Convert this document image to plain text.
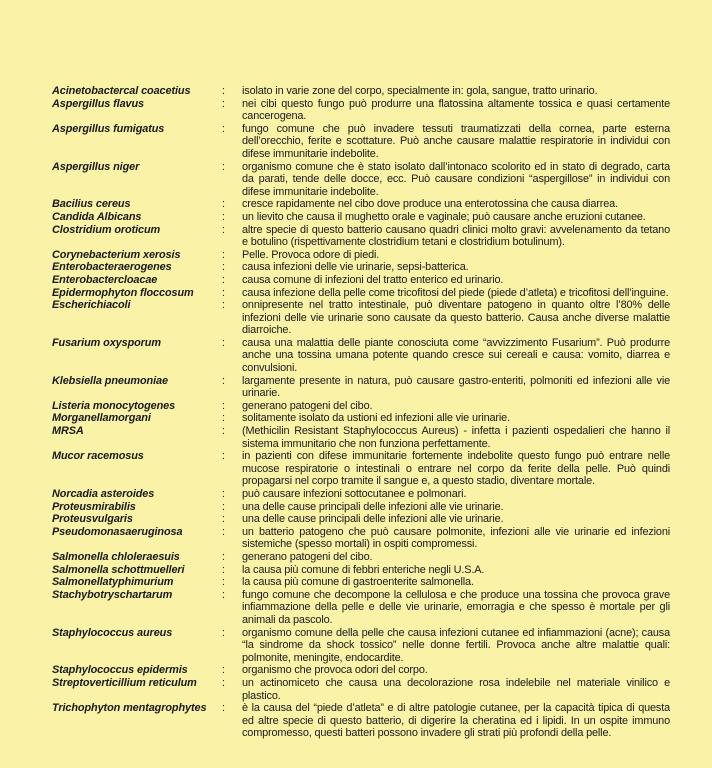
Acinetobactercal coacetius	:	isolato in varie zone del corpo, specialmente in: gola, sangue, tratto urinario.
Aspergillus flavus	:	nei cibi questo fungo può produrre una flatossina altamente tossica e quasi certamente cancerogena.
Aspergillus fumigatus	:	fungo comune che può invadere tessuti traumatizzati della cornea, parte esterna dell’orecchio, ferite e scottature. Può anche causare malattie respiratorie in individui con difese immunitarie indebolite.
Aspergillus niger	:	organismo comune che è stato isolato dall’intonaco scolorito ed in stato di degrado, carta da parati, tende delle docce, ecc. Può causare condizioni “aspergillose” in individui con difese immunitarie indebolite.
Bacilius cereus	:	cresce rapidamente nel cibo dove produce una enterotossina che causa diarrea.
Candida Albicans	:	un lievito che causa il mughetto orale e vaginale; può causare anche eruzioni cutanee.
Clostridium oroticum	:	altre specie di questo batterio causano quadri clinici molto gravi: avvelenamento da tetano e botulino (rispettivamente clostridium tetani e clostridium botulinum).
Corynebacterium xerosis	:	Pelle. Provoca odore di piedi.
Enterobacteraerogenes	:	causa infezioni delle vie urinarie, sepsi-batterica.
Enterobactercloacae	:	causa comune di infezioni del tratto enterico ed urinario.
Epidermophyton floccosum	:	causa infezione della pelle come tricofitosi del piede (piede d’atleta) e tricofitosi dell’inguine.
Escherichiacoli	:	onnipresente nel tratto intestinale, può diventare patogeno in quanto oltre l’80% delle infezioni delle vie urinarie sono causate da questo batterio. Causa anche diverse malattie diarroiche.
Fusarium oxysporum	:	causa una malattia delle piante conosciuta come “avvizzimento Fusarium”. Può produrre anche una tossina umana potente quando cresce sui cereali e causa: vomito, diarrea e convulsioni.
Klebsiella pneumoniae	:	largamente presente in natura, può causare gastro-enteriti, polmoniti ed infezioni alle vie urinarie.
Listeria monocytogenes	:	generano patogeni del cibo.
Morganellamorgani	:	solitamente isolato da ustioni ed infezioni alle vie urinarie.
MRSA	:	(Methicilin Resistant Staphylococcus Aureus) - infetta i pazienti ospedalieri che hanno il sistema immunitario che non funziona perfettamente.
Mucor racemosus	:	in pazienti con difese immunitarie fortemente indebolite questo fungo può entrare nelle mucose respiratorie o intestinali o entrare nel corpo da ferite della pelle. Può quindi propagarsi nel corpo tramite il sangue e, a questo stadio, diventare mortale.
Norcadia asteroides	:	può causare infezioni sottocutanee e polmonari.
Proteusmirabilis	:	una delle cause principali delle infezioni alle vie urinarie.
Proteusvulgaris	:	una delle cause principali delle infezioni alle vie urinarie.
Pseudomonasaeruginosa	:	un batterio patogeno che può causare polmonite, infezioni alle vie urinarie ed infezioni sistemiche (spesso mortali) in ospiti compromessi.
Salmonella chloleraesuis	:	generano patogeni del cibo.
Salmonella schottmuelleri	:	la causa più comune di febbri enteriche negli U.S.A.
Salmonellatyphimurium	:	la causa più comune di gastroenterite salmonella.
Stachybotryschartarum	:	fungo comune che decompone la cellulosa e che produce una tossina che provoca grave infiammazione della pelle e delle vie urinarie, emorragia e che spesso è mortale per gli animali da pascolo.
Staphylococcus aureus	:	organismo comune della pelle che causa infezioni cutanee ed infiammazioni (acne); causa “la sindrome da shock tossico” nelle donne fertili. Provoca anche altre malattie quali: polmonite, meningite, endocardite.
Staphylococcus epidermis	:	organismo che provoca odori del corpo.
Streptoverticillium reticulum	:	un actinomiceto che causa una decolorazione rosa indelebile nel materiale vinilico e plastico.
Trichophyton mentagrophytes	:	è la causa del “piede d’atleta” e di altre patologie cutanee, per la capacità tipica di questa ed altre specie di questo batterio, di digerire la cheratina ed i lipidi. In un ospite immuno compromesso, questi batteri possono invadere gli strati più profondi della pelle.
